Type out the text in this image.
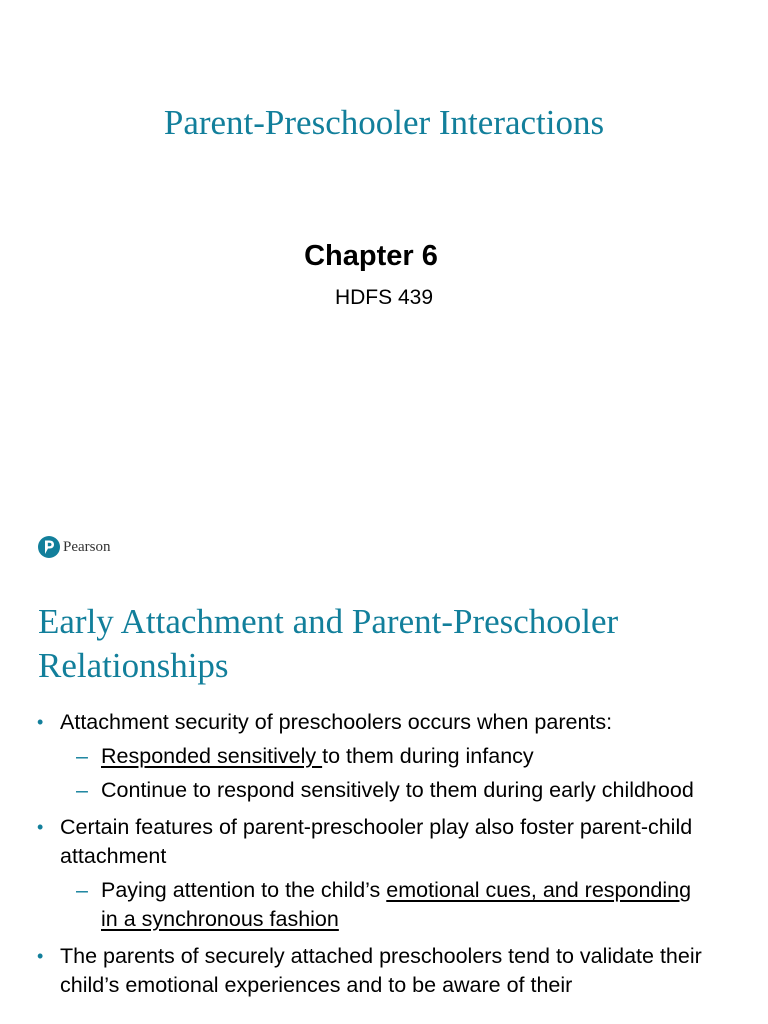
Parent-Preschooler Interactions
Chapter 6
HDFS 439
Pearson
Early Attachment and Parent-Preschooler Relationships
• Attachment security of preschoolers occurs when parents:
– Responded sensitively to them during infancy
– Continue to respond sensitively to them during early childhood
• Certain features of parent-preschooler play also foster parent-child attachment
– Paying attention to the child’s emotional cues, and responding in a synchronous fashion
• The parents of securely attached preschoolers tend to validate their child’s emotional experiences and to be aware of their
